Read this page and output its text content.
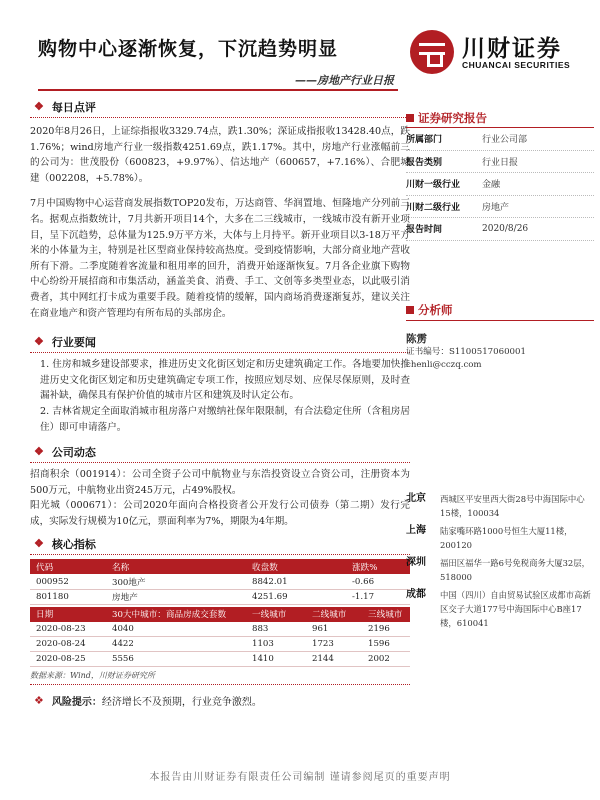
购物中心逐渐恢复，下沉趋势明显
——房地产行业日报
川财证券
CHUANCAI SECURITIES
❖ 每日点评
2020年8月26日，上证综指报收3329.74点，跌1.30%；深证成指报收13428.40点，跌1.76%；wind房地产行业一级指数4251.69点，跌1.17%。其中，房地产行业涨幅前三的公司为：世茂股份（600823，+9.97%）、信达地产（600657，+7.16%）、合肥城建（002208，+5.78%）。
7月中国购物中心运营商发展指数TOP20发布，万达商管、华润置地、恒隆地产分列前三名。据观点指数统计，7月共新开项目14个，大多在二三线城市，一线城市没有新开业项目，呈下沉趋势，总体量为125.9万平方米，大体与上月持平。新开业项目以3-18万平方米的小体量为主，特别是社区型商业保持较高热度。受到疫情影响，大部分商业地产营收所有下滑。二季度随着客流量和租用率的回升，消费开始逐渐恢复。7月各企业旗下购物中心纷纷开展招商和市集活动，涵盖美食、消费、手工、文创等多类型业态，以此吸引消费者，其中网红打卡成为重要手段。随着疫情的缓解，国内商场消费逐渐复苏，建议关注在商业地产和资产管理均有所布局的头部房企。
❖ 行业要闻
1. 住房和城乡建设部要求，推进历史文化街区划定和历史建筑确定工作。各地要加快推进历史文化街区划定和历史建筑确定专项工作，按照应划尽划、应保尽保原则，及时查漏补缺，确保具有保护价值的城市片区和建筑及时认定公布。
2. 吉林省规定全面取消城市租房落户对缴纳社保年限限制，有合法稳定住所（含租房居住）即可申请落户。
❖ 公司动态
招商积余（001914）：公司全资子公司中航物业与东浩投资设立合资公司，注册资本为500万元，中航物业出资245万元，占49%股权。
阳光城（000671）：公司2020年面向合格投资者公开发行公司债券（第二期）发行完成，实际发行规模为10亿元，票面利率为7%，期限为4年期。
❖ 核心指标
代码	名称	收盘数	涨跌%
000952	300地产	8842.01	-0.66
801180	房地产	4251.69	-1.17
日期	30大中城市：商品房成交套数	一线城市	二线城市	三线城市
2020-08-23	4040	883	961	2196
2020-08-24	4422	1103	1723	1596
2020-08-25	5556	1410	2144	2002
数据来源：Wind，川财证券研究所
❖ 风险提示： 经济增长不及预期，行业竞争激烈。
证券研究报告
所属部门	行业公司部
报告类别	行业日报
川财一级行业	金融
川财二级行业	房地产
报告时间	2020/8/26
分析师
陈雳
证书编号：S1100517060001
chenli@cczq.com
北京	西城区平安里西大街28号中海国际中心15楼，100034
上海	陆家嘴环路1000号恒生大厦11楼，200120
深圳	福田区福华一路6号免税商务大厦32层，518000
成都	中国（四川）自由贸易试验区成都市高新区交子大道177号中海国际中心B座17楼，610041
本报告由川财证券有限责任公司编制 谨请参阅尾页的重要声明
